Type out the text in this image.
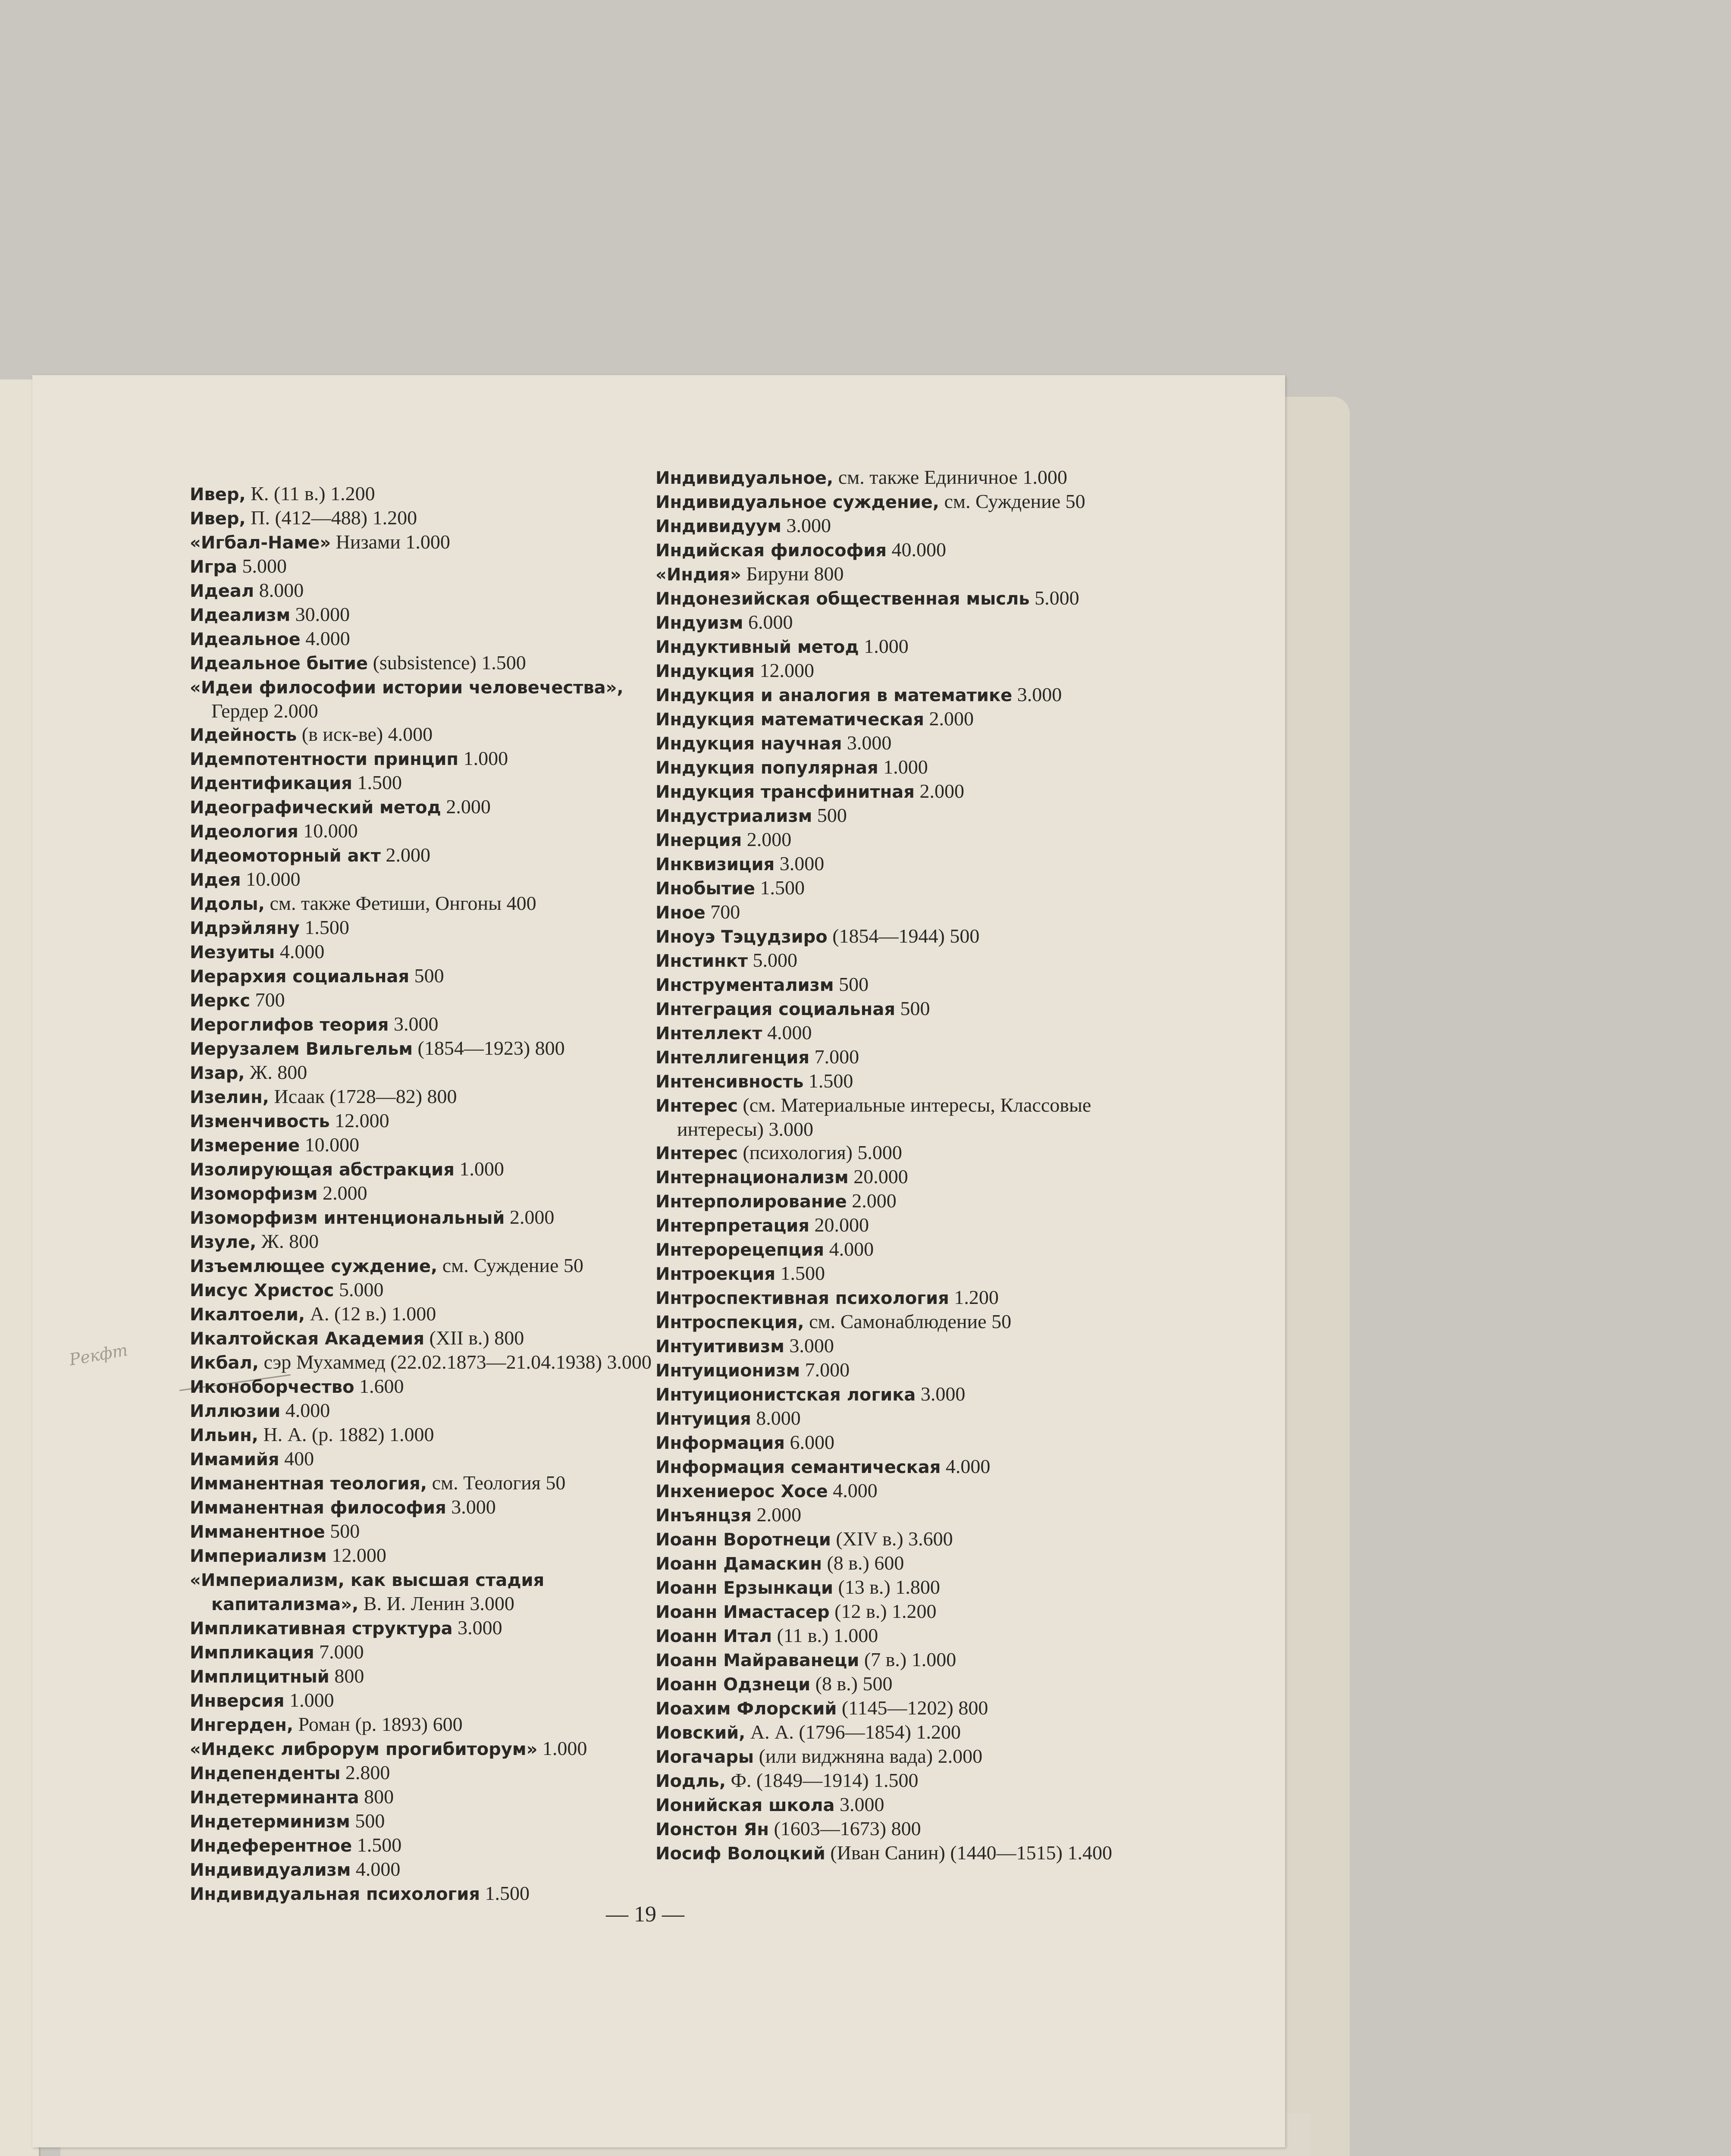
Рекфт
Ивер, К. (11 в.) 1.200
Ивер, П. (412—488) 1.200
«Игбал-Наме» Низами 1.000
Игра 5.000
Идеал 8.000
Идеализм 30.000
Идеальное 4.000
Идеальное бытие (subsistence) 1.500
«Идеи философии истории человечества», Гердер 2.000
Идейность (в иск-ве) 4.000
Идемпотентности принцип 1.000
Идентификация 1.500
Идеографический метод 2.000
Идеология 10.000
Идеомоторный акт 2.000
Идея 10.000
Идолы, см. также Фетиши, Онгоны 400
Идрэйляну 1.500
Иезуиты 4.000
Иерархия социальная 500
Иеркс 700
Иероглифов теория 3.000
Иерузалем Вильгельм (1854—1923) 800
Изар, Ж. 800
Изелин, Исаак (1728—82) 800
Изменчивость 12.000
Измерение 10.000
Изолирующая абстракция 1.000
Изоморфизм 2.000
Изоморфизм интенциональный 2.000
Изуле, Ж. 800
Изъемлющее суждение, см. Суждение 50
Иисус Христос 5.000
Икалтоели, А. (12 в.) 1.000
Икалтойская Академия (XII в.) 800
Икбал, сэр Мухаммед (22.02.1873—21.04.1938) 3.000
Иконоборчество 1.600
Иллюзии 4.000
Ильин, Н. А. (р. 1882) 1.000
Имамийя 400
Имманентная теология, см. Теология 50
Имманентная философия 3.000
Имманентное 500
Империализм 12.000
«Империализм, как высшая стадия капитализма», В. И. Ленин 3.000
Импликативная структура 3.000
Импликация 7.000
Имплицитный 800
Инверсия 1.000
Ингерден, Роман (р. 1893) 600
«Индекс либрорум прогибиторум» 1.000
Индепенденты 2.800
Индетерминанта 800
Индетерминизм 500
Индеферентное 1.500
Индивидуализм 4.000
Индивидуальная психология 1.500
Индивидуальное, см. также Единичное 1.000
Индивидуальное суждение, см. Суждение 50
Индивидуум 3.000
Индийская философия 40.000
«Индия» Бируни 800
Индонезийская общественная мысль 5.000
Индуизм 6.000
Индуктивный метод 1.000
Индукция 12.000
Индукция и аналогия в математике 3.000
Индукция математическая 2.000
Индукция научная 3.000
Индукция популярная 1.000
Индукция трансфинитная 2.000
Индустриализм 500
Инерция 2.000
Инквизиция 3.000
Инобытие 1.500
Иное 700
Иноуэ Тэцудзиро (1854—1944) 500
Инстинкт 5.000
Инструментализм 500
Интеграция социальная 500
Интеллект 4.000
Интеллигенция 7.000
Интенсивность 1.500
Интерес (см. Материальные интересы, Классовые интересы) 3.000
Интерес (психология) 5.000
Интернационализм 20.000
Интерполирование 2.000
Интерпретация 20.000
Интерорецепция 4.000
Интроекция 1.500
Интроспективная психология 1.200
Интроспекция, см. Самонаблюдение 50
Интуитивизм 3.000
Интуиционизм 7.000
Интуиционистская логика 3.000
Интуиция 8.000
Информация 6.000
Информация семантическая 4.000
Инхениерос Хосе 4.000
Инъянцзя 2.000
Иоанн Воротнеци (XIV в.) 3.600
Иоанн Дамаскин (8 в.) 600
Иоанн Ерзынкаци (13 в.) 1.800
Иоанн Имастасер (12 в.) 1.200
Иоанн Итал (11 в.) 1.000
Иоанн Майраванеци (7 в.) 1.000
Иоанн Одзнеци (8 в.) 500
Иоахим Флорский (1145—1202) 800
Иовский, А. А. (1796—1854) 1.200
Иогачары (или виджняна вада) 2.000
Иодль, Ф. (1849—1914) 1.500
Ионийская школа 3.000
Ионстон Ян (1603—1673) 800
Иосиф Волоцкий (Иван Санин) (1440—1515) 1.400
— 19 —
